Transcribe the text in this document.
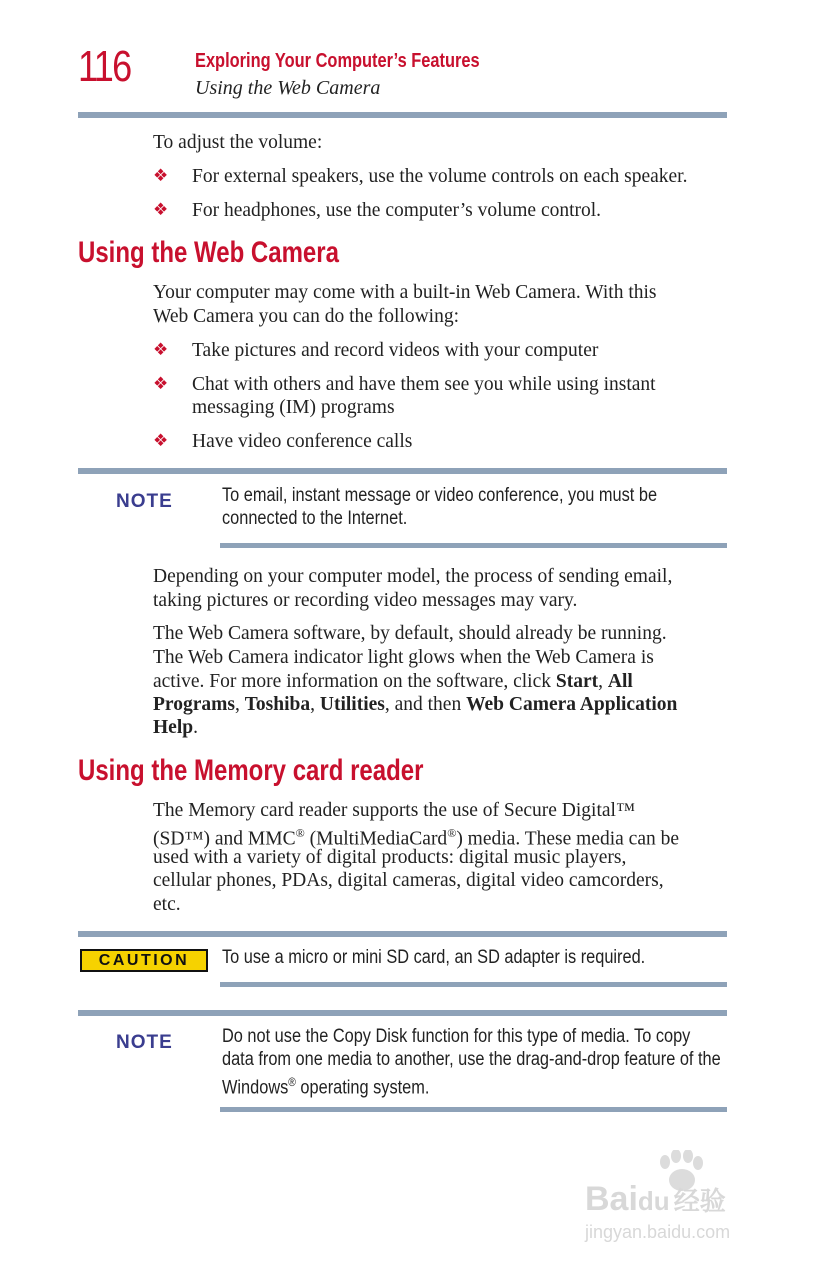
116	Exploring Your Computer’s Features
Using the Web Camera
To adjust the volume:
❖ For external speakers, use the volume controls on each speaker.
❖ For headphones, use the computer’s volume control.
Using the Web Camera
Your computer may come with a built-in Web Camera. With this
Web Camera you can do the following:
❖ Take pictures and record videos with your computer
❖ Chat with others and have them see you while using instant
messaging (IM) programs
❖ Have video conference calls
NOTE	To email, instant message or video conference, you must be
connected to the Internet.
Depending on your computer model, the process of sending email,
taking pictures or recording video messages may vary.
The Web Camera software, by default, should already be running.
The Web Camera indicator light glows when the Web Camera is
active. For more information on the software, click Start, All
Programs, Toshiba, Utilities, and then Web Camera Application
Help.
Using the Memory card reader
The Memory card reader supports the use of Secure Digital™
(SD™) and MMC® (MultiMediaCard®) media. These media can be
used with a variety of digital products: digital music players,
cellular phones, PDAs, digital cameras, digital video camcorders,
etc.
CAUTION	To use a micro or mini SD card, an SD adapter is required.
NOTE	Do not use the Copy Disk function for this type of media. To copy
data from one media to another, use the drag-and-drop feature of the
Windows® operating system.
Baidu 经验
jingyan.baidu.com
